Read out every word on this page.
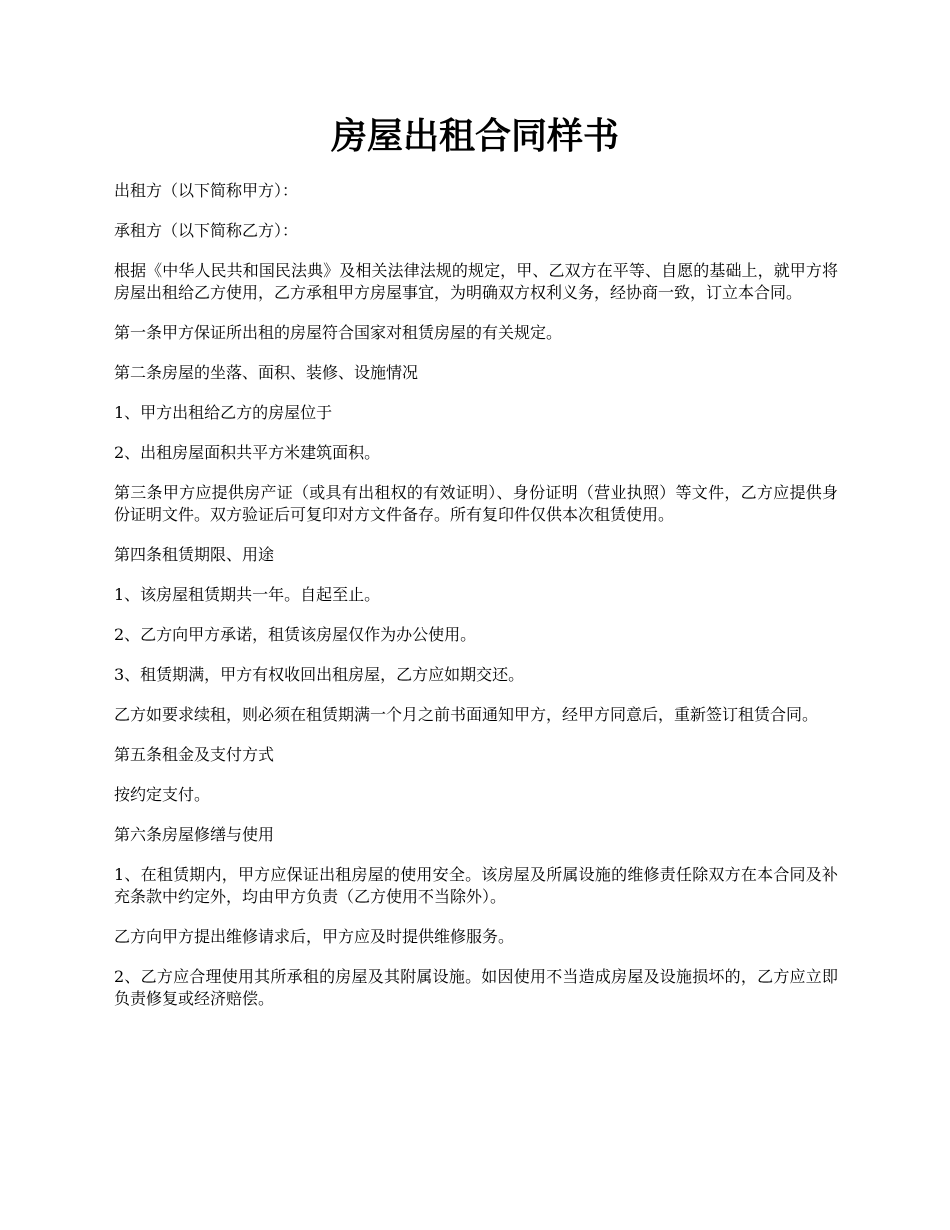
房屋出租合同样书

出租方（以下简称甲方）：

承租方（以下简称乙方）：

根据《中华人民共和国民法典》及相关法律法规的规定，甲、乙双方在平等、自愿的基础上，就甲方将房屋出租给乙方使用，乙方承租甲方房屋事宜，为明确双方权利义务，经协商一致，订立本合同。

第一条甲方保证所出租的房屋符合国家对租赁房屋的有关规定。

第二条房屋的坐落、面积、装修、设施情况

1、甲方出租给乙方的房屋位于

2、出租房屋面积共平方米建筑面积。

第三条甲方应提供房产证（或具有出租权的有效证明）、身份证明（营业执照）等文件，乙方应提供身份证明文件。双方验证后可复印对方文件备存。所有复印件仅供本次租赁使用。

第四条租赁期限、用途

1、该房屋租赁期共一年。自起至止。

2、乙方向甲方承诺，租赁该房屋仅作为办公使用。

3、租赁期满，甲方有权收回出租房屋，乙方应如期交还。

乙方如要求续租，则必须在租赁期满一个月之前书面通知甲方，经甲方同意后，重新签订租赁合同。

第五条租金及支付方式

按约定支付。

第六条房屋修缮与使用

1、在租赁期内，甲方应保证出租房屋的使用安全。该房屋及所属设施的维修责任除双方在本合同及补充条款中约定外，均由甲方负责（乙方使用不当除外）。

乙方向甲方提出维修请求后，甲方应及时提供维修服务。

2、乙方应合理使用其所承租的房屋及其附属设施。如因使用不当造成房屋及设施损坏的，乙方应立即负责修复或经济赔偿。
